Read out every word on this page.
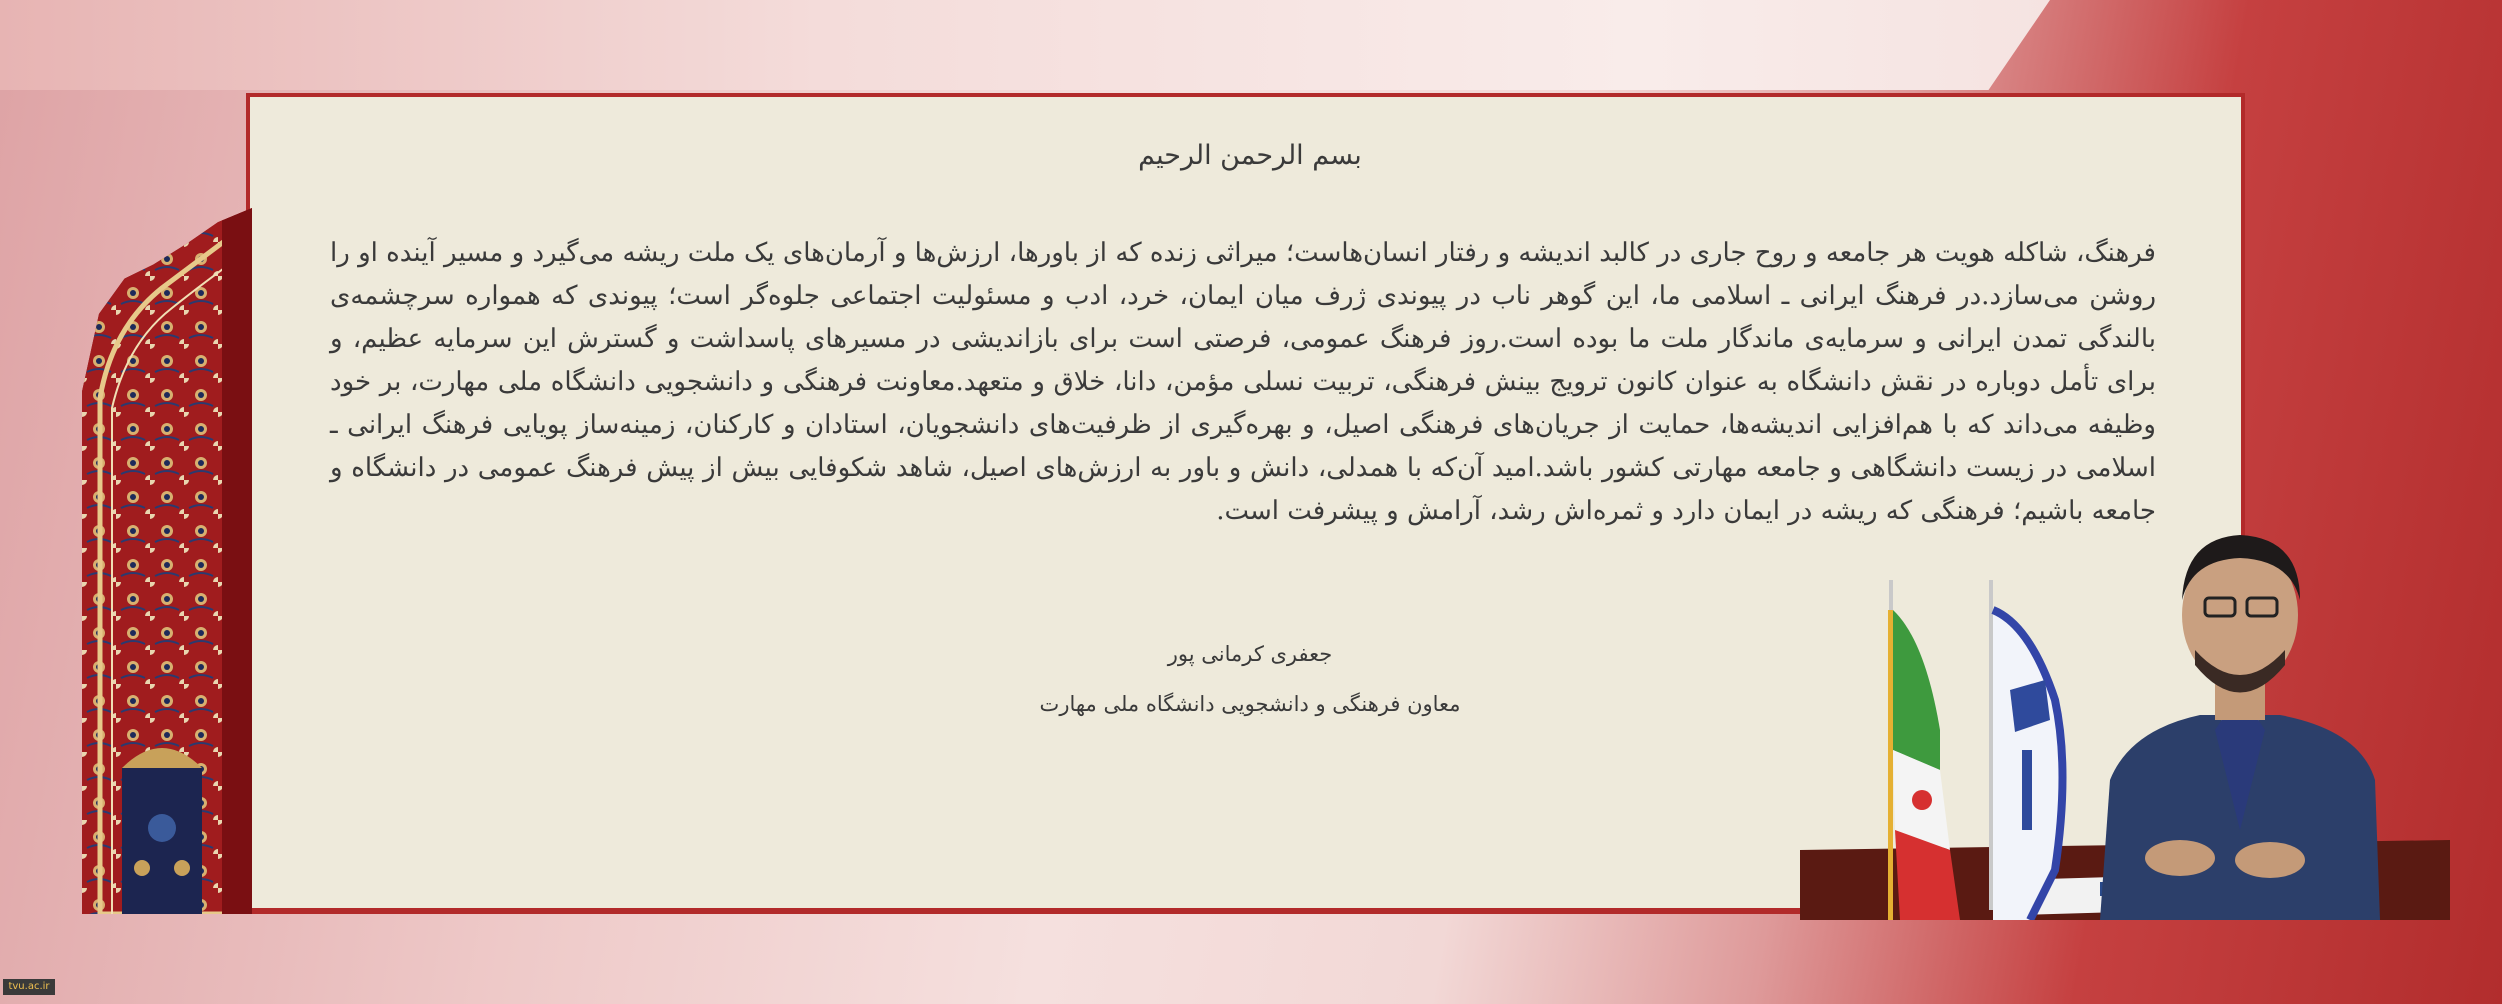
بسم الرحمن الرحیم
فرهنگ، شاکله هویت هر جامعه و روح جاری در کالبد اندیشه و رفتار انسان‌هاست؛ میراثی زنده که از باورها، ارزش‌ها و آرمان‌های یک ملت ریشه می‌گیرد و مسیر آینده او را روشن می‌سازد.در فرهنگ ایرانی ـ اسلامی ما، این گوهر ناب در پیوندی ژرف میان ایمان، خرد، ادب و مسئولیت اجتماعی جلوه‌گر است؛ پیوندی که همواره سرچشمه‌ی بالندگی تمدن ایرانی و سرمایه‌ی ماندگار ملت ما بوده است.روز فرهنگ عمومی، فرصتی است برای بازاندیشی در مسیرهای پاسداشت و گسترش این سرمایه عظیم، و برای تأمل دوباره در نقش دانشگاه به عنوان کانون ترویج بینش فرهنگی، تربیت نسلی مؤمن، دانا، خلاق و متعهد.معاونت فرهنگی و دانشجویی دانشگاه ملی مهارت، بر خود وظیفه می‌داند که با هم‌افزایی اندیشه‌ها، حمایت از جریان‌های فرهنگی اصیل، و بهره‌گیری از ظرفیت‌های دانشجویان، استادان و کارکنان، زمینه‌ساز پویایی فرهنگ ایرانی ـ اسلامی در زیست دانشگاهی و جامعه مهارتی کشور باشد.امید آن‌که با همدلی، دانش و باور به ارزش‌های اصیل، شاهد شکوفایی بیش از پیش فرهنگ عمومی در دانشگاه و جامعه باشیم؛ فرهنگی که ریشه در ایمان دارد و ثمره‌اش رشد، آرامش و پیشرفت است.
جعفری کرمانی پور
معاون فرهنگی و دانشجویی دانشگاه ملی مهارت
tvu.ac.ir
